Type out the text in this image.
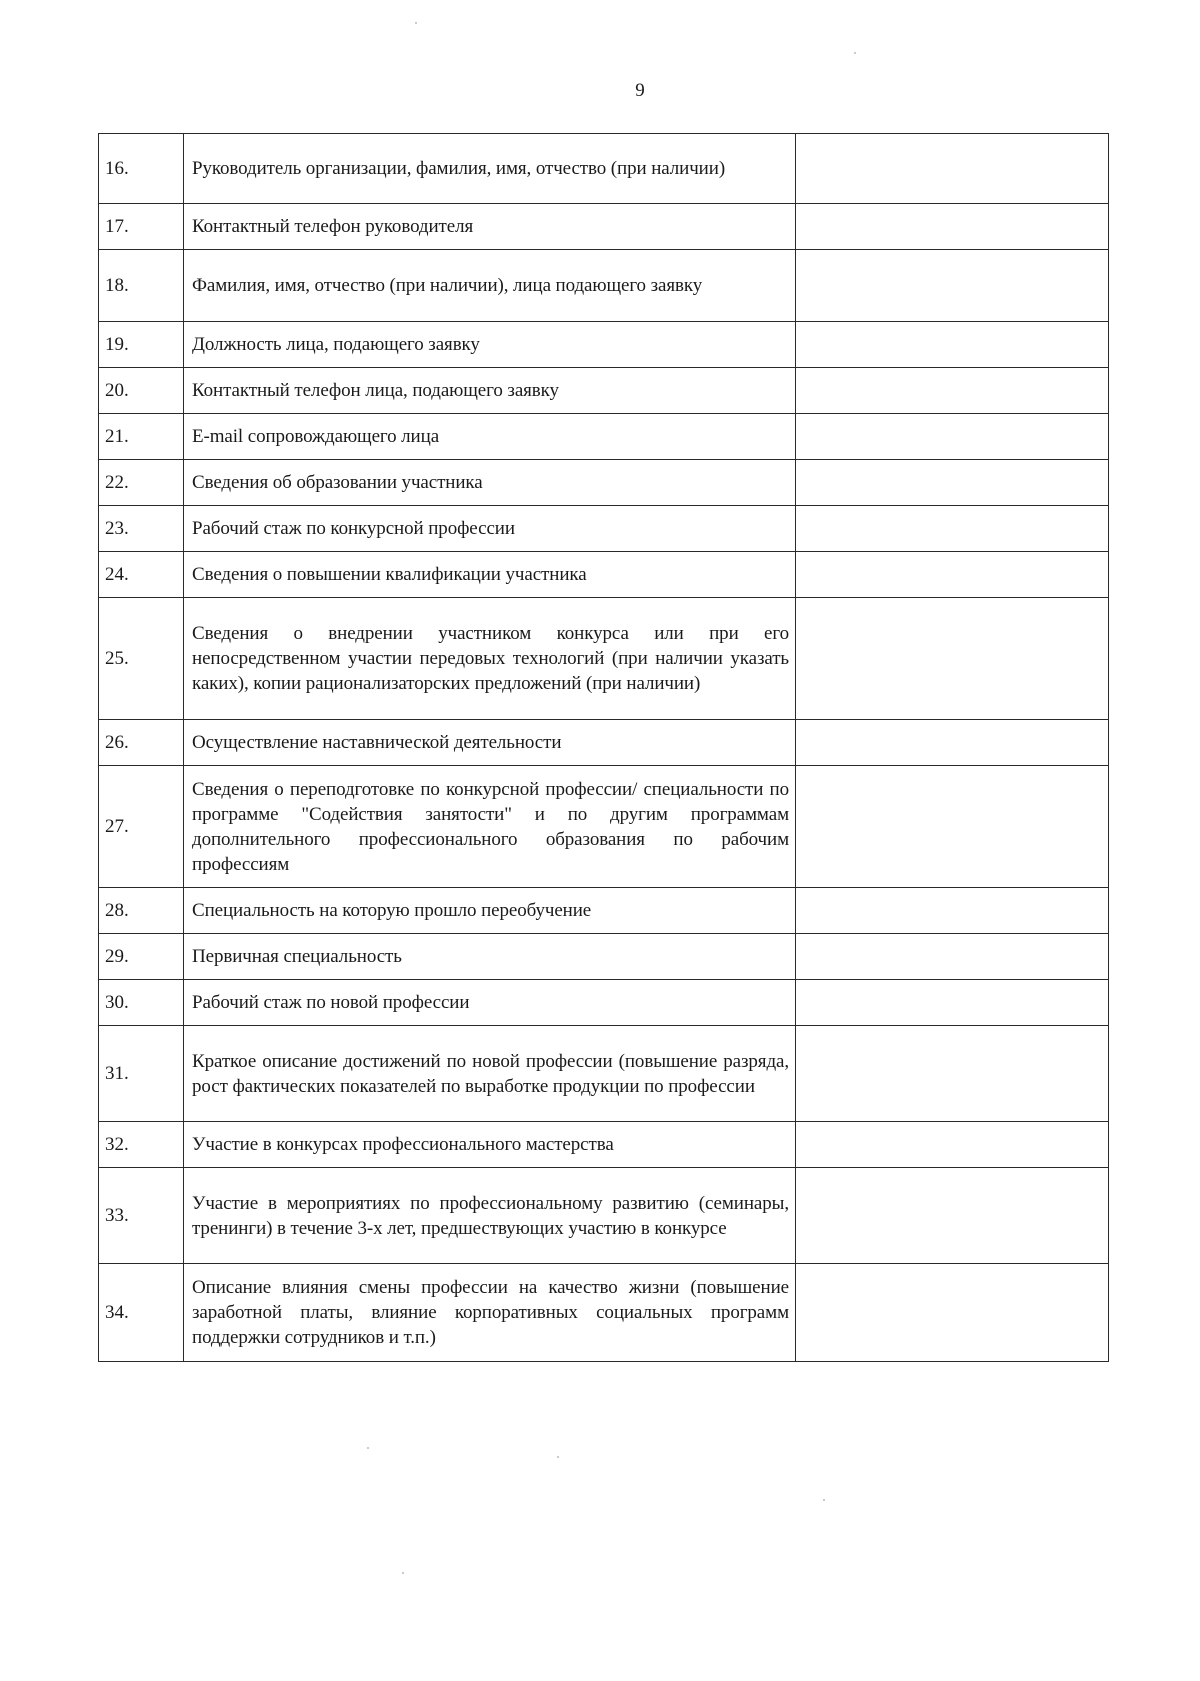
9
16.	Руководитель организации, фамилия, имя, отчество (при наличии)	
17.	Контактный телефон руководителя	
18.	Фамилия, имя, отчество (при наличии), лица подающего заявку	
19.	Должность лица, подающего заявку	
20.	Контактный телефон лица, подающего заявку	
21.	E-mail сопровождающего лица	
22.	Сведения об образовании участника	
23.	Рабочий стаж по конкурсной профессии	
24.	Сведения о повышении квалификации участника	
25.	Сведения о внедрении участником конкурса или при его непосредственном участии передовых технологий (при наличии указать каких), копии рационализаторских предложений (при наличии)	
26.	Осуществление наставнической деятельности	
27.	Сведения о переподготовке по конкурсной профессии/ специальности по программе "Содействия занятости" и по другим программам дополнительного профессионального образования по рабочим профессиям	
28.	Специальность на которую прошло переобучение	
29.	Первичная специальность	
30.	Рабочий стаж по новой профессии	
31.	Краткое описание достижений по новой профессии (повышение разряда, рост фактических показателей по выработке продукции по профессии	
32.	Участие в конкурсах профессионального мастерства	
33.	Участие в мероприятиях по профессиональному развитию (семинары, тренинги) в течение 3-х лет, предшествующих участию в конкурсе	
34.	Описание влияния смены профессии на качество жизни (повышение заработной платы, влияние корпоративных социальных программ поддержки сотрудников и т.п.)	
